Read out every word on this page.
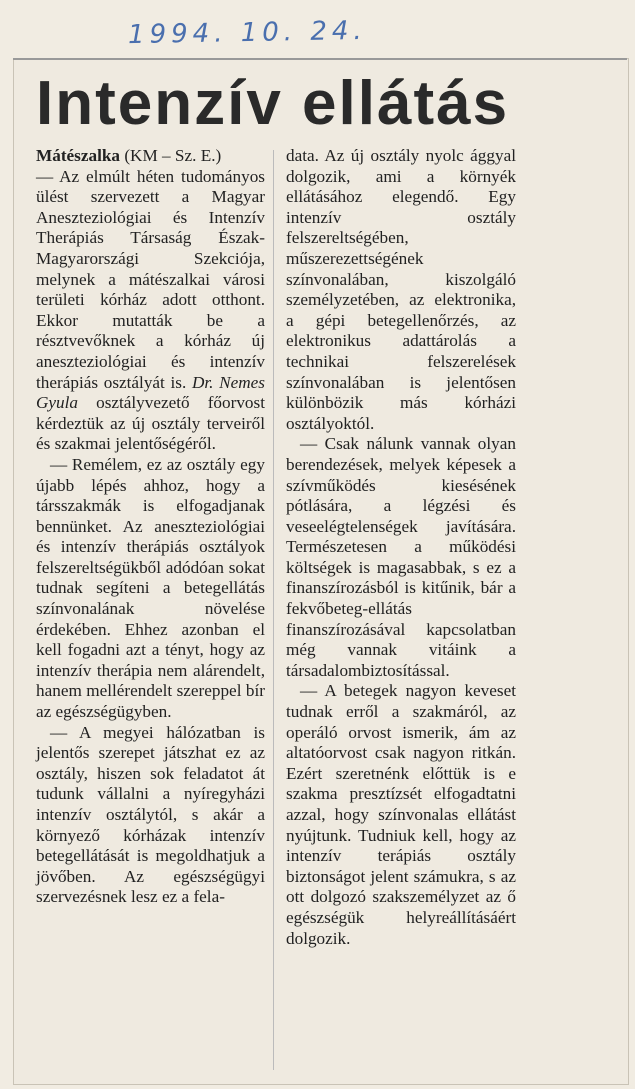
1994. 10. 24.
Intenzív ellátás

Mátészalka (KM – Sz. E.)
— Az elmúlt héten tudományos ülést szervezett a Magyar Aneszteziológiai és Intenzív Therápiás Társaság Észak-Magyarországi Szekciója, melynek a mátészalkai városi területi kórház adott otthont. Ekkor mutatták be a résztvevőknek a kórház új aneszteziológiai és intenzív therápiás osztályát is. Dr. Nemes Gyula osztályvezető főorvost kérdeztük az új osztály terveiről és szakmai jelentőségéről.

— Remélem, ez az osztály egy újabb lépés ahhoz, hogy a társszakmák is elfogadjanak bennünket. Az aneszteziológiai és intenzív therápiás osztályok felszereltségükből adódóan sokat tudnak segíteni a betegellátás színvonalának növelése érdekében. Ehhez azonban el kell fogadni azt a tényt, hogy az intenzív therápia nem alárendelt, hanem mellérendelt szereppel bír az egészségügyben.

— A megyei hálózatban is jelentős szerepet játszhat ez az osztály, hiszen sok feladatot át tudunk vállalni a nyíregyházi intenzív osztálytól, s akár a környező kórházak intenzív betegellátását is megoldhatjuk a jövőben. Az egészségügyi szervezésnek lesz ez a fela-

data. Az új osztály nyolc ággyal dolgozik, ami a környék ellátásához elegendő. Egy intenzív osztály felszereltségében, műszerezettségének színvonalában, kiszolgáló személyzetében, az elektronika, a gépi betegellenőrzés, az elektronikus adattárolás a technikai felszerelések színvonalában is jelentősen különbözik más kórházi osztályoktól.

— Csak nálunk vannak olyan berendezések, melyek képesek a szívműködés kiesésének pótlására, a légzési és veseelégtelenségek javítására. Természetesen a működési költségek is magasabbak, s ez a finanszírozásból is kitűnik, bár a fekvőbeteg-ellátás finanszírozásával kapcsolatban még vannak vitáink a társadalombiztosítással.

— A betegek nagyon keveset tudnak erről a szakmáról, az operáló orvost ismerik, ám az altatóorvost csak nagyon ritkán. Ezért szeretnénk előttük is e szakma presztízsét elfogadtatni azzal, hogy színvonalas ellátást nyújtunk. Tudniuk kell, hogy az intenzív terápiás osztály biztonságot jelent számukra, s az ott dolgozó szakszemélyzet az ő egészségük helyreállításáért dolgozik.
